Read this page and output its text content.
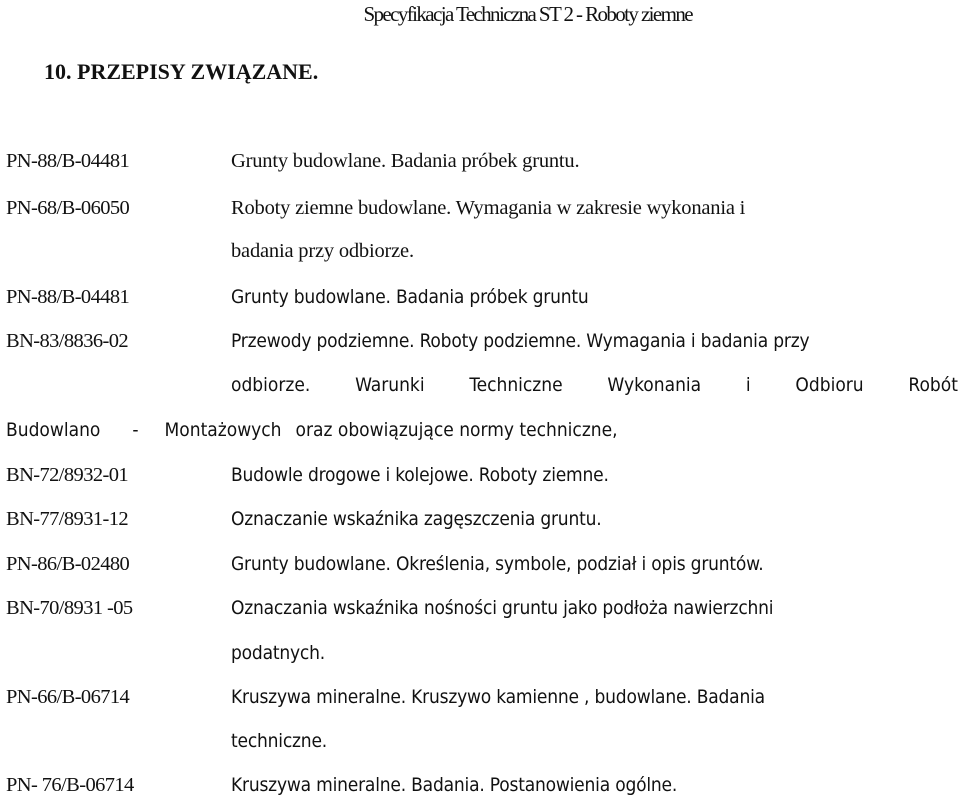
Specyfikacja Techniczna ST 2 - Roboty ziemne
10. PRZEPISY ZWIĄZANE.
PN-88/B-04481	Grunty budowlane. Badania próbek gruntu.
PN-68/B-06050	Roboty ziemne budowlane. Wymagania w zakresie wykonania i
badania przy odbiorze.
PN-88/B-04481	Grunty budowlane. Badania próbek gruntu
BN-83/8836-02	Przewody podziemne. Roboty podziemne. Wymagania i badania przy
odbiorze. Warunki Techniczne Wykonania i Odbioru Robót
Budowlano - Montażowych oraz obowiązujące normy techniczne,
BN-72/8932-01	Budowle drogowe i kolejowe. Roboty ziemne.
BN-77/8931-12	Oznaczanie wskaźnika zagęszczenia gruntu.
PN-86/B-02480	Grunty budowlane. Określenia, symbole, podział i opis gruntów.
BN-70/8931 -05	Oznaczania wskaźnika nośności gruntu jako podłoża nawierzchni
podatnych.
PN-66/B-06714	Kruszywa mineralne. Kruszywo kamienne , budowlane. Badania
techniczne.
PN- 76/B-06714	Kruszywa mineralne. Badania. Postanowienia ogólne.
